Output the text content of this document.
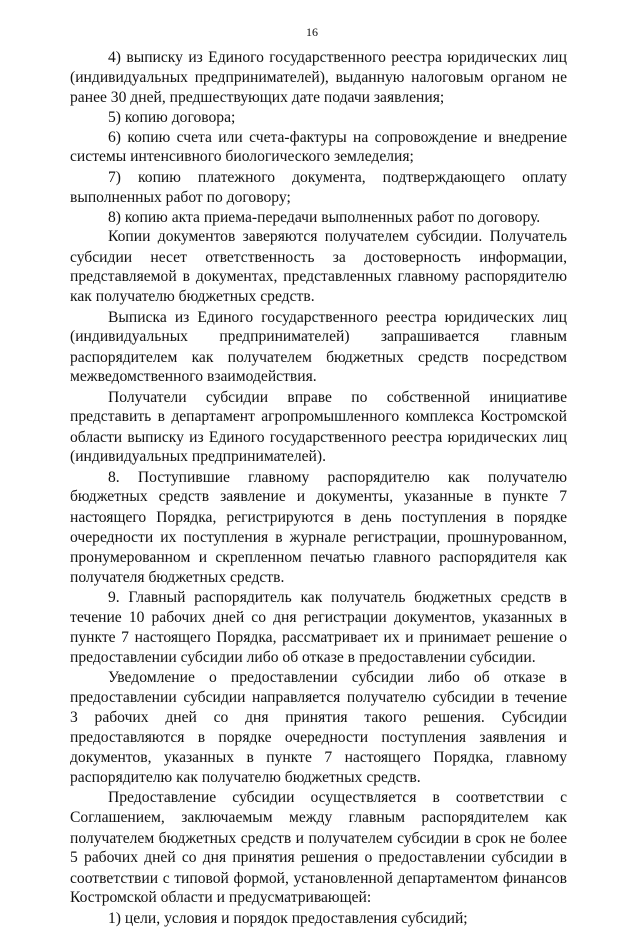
16
4) выписку из Единого государственного реестра юридических лиц
(индивидуальных предпринимателей), выданную налоговым органом не
ранее 30 дней, предшествующих дате подачи заявления;
5) копию договора;
6) копию счета или счета-фактуры на сопровождение и внедрение
системы интенсивного биологического земледелия;
7) копию платежного документа, подтверждающего оплату
выполненных работ по договору;
8) копию акта приема-передачи выполненных работ по договору.
Копии документов заверяются получателем субсидии. Получатель
субсидии несет ответственность за достоверность информации,
представляемой в документах, представленных главному распорядителю
как получателю бюджетных средств.
Выписка из Единого государственного реестра юридических лиц
(индивидуальных предпринимателей) запрашивается главным
распорядителем как получателем бюджетных средств посредством
межведомственного взаимодействия.
Получатели субсидии вправе по собственной инициативе
представить в департамент агропромышленного комплекса Костромской
области выписку из Единого государственного реестра юридических лиц
(индивидуальных предпринимателей).
8. Поступившие главному распорядителю как получателю
бюджетных средств заявление и документы, указанные в пункте 7
настоящего Порядка, регистрируются в день поступления в порядке
очередности их поступления в журнале регистрации, прошнурованном,
пронумерованном и скрепленном печатью главного распорядителя как
получателя бюджетных средств.
9. Главный распорядитель как получатель бюджетных средств в
течение 10 рабочих дней со дня регистрации документов, указанных в
пункте 7 настоящего Порядка, рассматривает их и принимает решение о
предоставлении субсидии либо об отказе в предоставлении субсидии.
Уведомление о предоставлении субсидии либо об отказе в
предоставлении субсидии направляется получателю субсидии в течение
3 рабочих дней со дня принятия такого решения. Субсидии
предоставляются в порядке очередности поступления заявления и
документов, указанных в пункте 7 настоящего Порядка, главному
распорядителю как получателю бюджетных средств.
Предоставление субсидии осуществляется в соответствии с
Соглашением, заключаемым между главным распорядителем как
получателем бюджетных средств и получателем субсидии в срок не более
5 рабочих дней со дня принятия решения о предоставлении субсидии в
соответствии с типовой формой, установленной департаментом финансов
Костромской области и предусматривающей:
1) цели, условия и порядок предоставления субсидий;
